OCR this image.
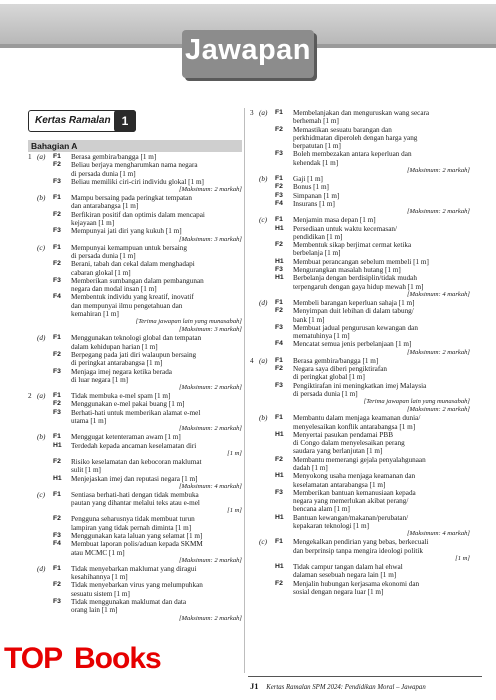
Jawapan
Kertas Ramalan 1
Bahagian A
1 (a)	F1	Berasa gembira/bangga [1 m]
F2	Beliau berjaya mengharumkan nama negara
di persada dunia [1 m]
F3	Beliau memiliki ciri-ciri individu glokal [1 m]
[Maksimum: 2 markah]
(b)	F1	Mampu bersaing pada peringkat tempatan
dan antarabangsa [1 m]
F2	Berfikiran positif dan optimis dalam mencapai
kejayaan [1 m]
F3	Mempunyai jati diri yang kukuh [1 m]
[Maksimum: 3 markah]
(c)	F1	Mempunyai kemampuan untuk bersaing
di persada dunia [1 m]
F2	Berani, tabah dan cekal dalam menghadapi
cabaran glokal [1 m]
F3	Memberikan sumbangan dalam pembangunan
negara dan modal insan [1 m]
F4	Membentuk individu yang kreatif, inovatif
dan mempunyai ilmu pengetahuan dan
kemahiran [1 m]
[Terima jawapan lain yang munasabah]
[Maksimum: 3 markah]
(d)	F1	Menggunakan teknologi global dan tempatan
dalam kehidupan harian [1 m]
F2	Berpegang pada jati diri walaupun bersaing
di peringkat antarabangsa [1 m]
F3	Menjaga imej negara ketika berada
di luar negara [1 m]
[Maksimum: 2 markah]
2 (a)	F1	Tidak membuka e-mel spam [1 m]
F2	Menggunakan e-mel pakai buang [1 m]
F3	Berhati-hati untuk memberikan alamat e-mel
utama [1 m]
[Maksimum: 2 markah]
(b)	F1	Menggugat ketenteraman awam [1 m]
H1	Terdedah kepada ancaman keselamatan diri
[1 m]
F2	Risiko keselamatan dan kebocoran maklumat
sulit [1 m]
H1	Menjejaskan imej dan reputasi negara [1 m]
[Maksimum: 4 markah]
(c)	F1	Sentiasa berhati-hati dengan tidak membuka
pautan yang dihantar melalui teks atau e-mel
[1 m]
F2	Pengguna seharusnya tidak membuat turun
lampiran yang tidak pernah diminta [1 m]
F3	Menggunakan kata laluan yang selamat [1 m]
F4	Membuat laporan polis/aduan kepada SKMM
atau MCMC [1 m]
[Maksimum: 2 markah]
(d)	F1	Tidak menyebarkan maklumat yang diragui
kesahihannya [1 m]
F2	Tidak menyebarkan virus yang melumpuhkan
sesuatu sistem [1 m]
F3	Tidak menggunakan maklumat dan data
orang lain [1 m]
[Maksimum: 2 markah]
3 (a)	F1	Membelanjakan dan menguruskan wang secara
berhemah [1 m]
F2	Memastikan sesuatu barangan dan
perkhidmatan diperoleh dengan harga yang
berpatutan [1 m]
F3	Boleh membezakan antara keperluan dan
kehendak [1 m]
[Maksimum: 2 markah]
(b)	F1	Gaji [1 m]
F2	Bonus [1 m]
F3	Simpanan [1 m]
F4	Insurans [1 m]
[Maksimum: 2 markah]
(c)	F1	Menjamin masa depan [1 m]
H1	Persediaan untuk waktu kecemasan/
pendidikan [1 m]
F2	Membentuk sikap berjimat cermat ketika
berbelanja [1 m]
H1	Membuat perancangan sebelum membeli [1 m]
F3	Mengurangkan masalah hutang [1 m]
H1	Berbelanja dengan berdisiplin/tidak mudah
terpengaruh dengan gaya hidup mewah [1 m]
[Maksimum: 4 markah]
(d)	F1	Membeli barangan keperluan sahaja [1 m]
F2	Menyimpan duit lebihan di dalam tabung/
bank [1 m]
F3	Membuat jadual pengurusan kewangan dan
mematuhinya [1 m]
F4	Mencatat semua jenis perbelanjaan [1 m]
[Maksimum: 2 markah]
4 (a)	F1	Berasa gembira/bangga [1 m]
F2	Negara saya diberi pengiktirafan
di peringkat global [1 m]
F3	Pengiktirafan ini meningkatkan imej Malaysia
di persada dunia [1 m]
[Terima jawapan lain yang munasabah]
[Maksimum: 2 markah]
(b)	F1	Membantu dalam menjaga keamanan dunia/
menyelesaikan konflik antarabangsa [1 m]
H1	Menyertai pasukan pendamai PBB
di Congo dalam menyelesaikan perang
saudara yang berlanjutan [1 m]
F2	Membantu memerangi gejala penyalahgunaan
dadah [1 m]
H1	Menyokong usaha menjaga keamanan dan
keselamatan antarabangsa [1 m]
F3	Memberikan bantuan kemanusiaan kepada
negara yang memerlukan akibat perang/
bencana alam [1 m]
H1	Bantuan kewangan/makanan/perubatan/
kepakaran teknologi [1 m]
[Maksimum: 4 markah]
(c)	F1	Mengekalkan pendirian yang bebas, berkecuali
dan berprinsip tanpa mengira ideologi politik
[1 m]
H1	Tidak campur tangan dalam hal ehwal
dalaman sesebuah negara lain [1 m]
F2	Menjalin hubungan kerjasama ekonomi dan
sosial dengan negara luar [1 m]
J1 Kertas Ramalan SPM 2024: Pendidikan Moral – Jawapan
TOP Books
